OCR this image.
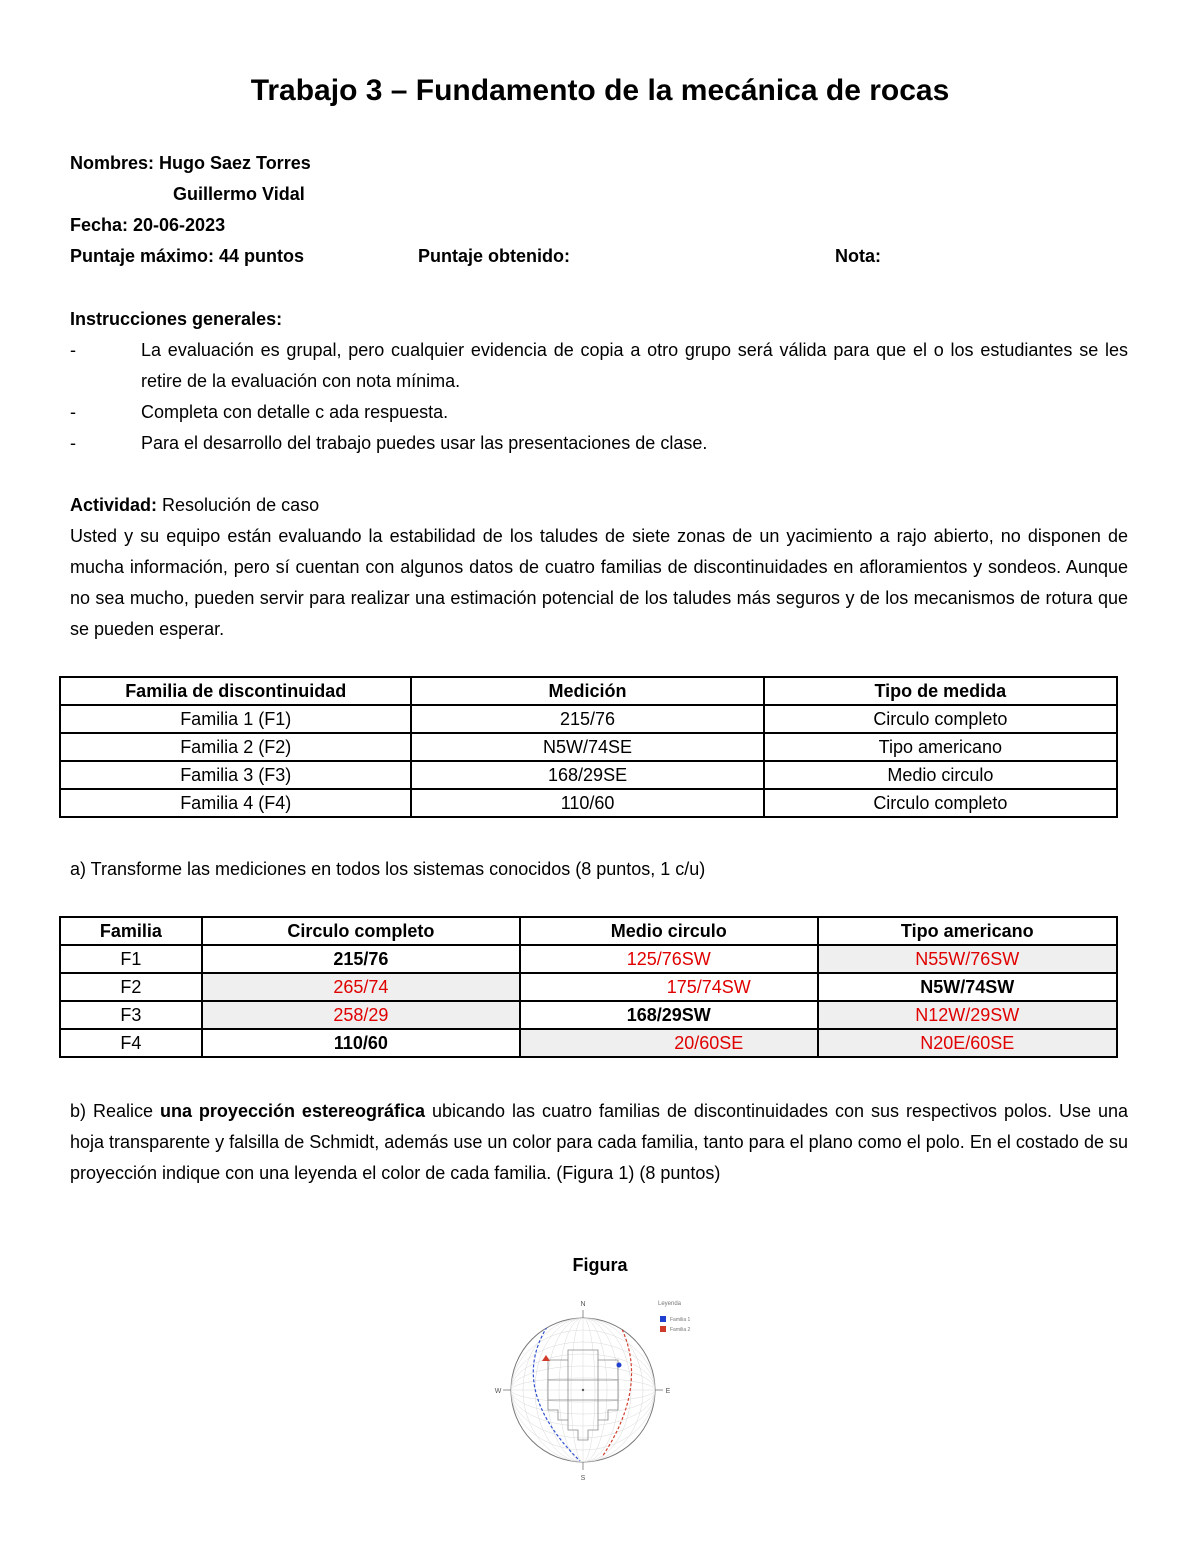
Trabajo 3 – Fundamento de la mecánica de rocas
Nombres: Hugo Saez Torres
Guillermo Vidal
Fecha: 20-06-2023
Puntaje máximo: 44 puntos	Puntaje obtenido:	Nota:
Instrucciones generales:
-	La evaluación es grupal, pero cualquier evidencia de copia a otro grupo será válida para que el o los estudiantes se les retire de la evaluación con nota mínima.
-	Completa con detalle c ada respuesta.
-	Para el desarrollo del trabajo puedes usar las presentaciones de clase.
Actividad: Resolución de caso
Usted y su equipo están evaluando la estabilidad de los taludes de siete zonas de un yacimiento a rajo abierto, no disponen de mucha información, pero sí cuentan con algunos datos de cuatro familias de discontinuidades en afloramientos y sondeos. Aunque no sea mucho, pueden servir para realizar una estimación potencial de los taludes más seguros y de los mecanismos de rotura que se pueden esperar.
Familia de discontinuidad	Medición	Tipo de medida
Familia 1 (F1)	215/76	Circulo completo
Familia 2 (F2)	N5W/74SE	Tipo americano
Familia 3 (F3)	168/29SE	Medio circulo
Familia 4 (F4)	110/60	Circulo completo
a) Transforme las mediciones en todos los sistemas conocidos (8 puntos, 1 c/u)
Familia	Circulo completo	Medio circulo	Tipo americano
F1	215/76	125/76SW	N55W/76SW
F2	265/74	175/74SW	N5W/74SW
F3	258/29	168/29SW	N12W/29SW
F4	110/60	20/60SE	N20E/60SE
b) Realice una proyección estereográfica ubicando las cuatro familias de discontinuidades con sus respectivos polos. Use una hoja transparente y falsilla de Schmidt, además use un color para cada familia, tanto para el plano como el polo. En el costado de su proyección indique con una leyenda el color de cada familia. (Figura 1) (8 puntos)
Figura
N
S
W	E
Leyenda
Familia 1
Familia 2
